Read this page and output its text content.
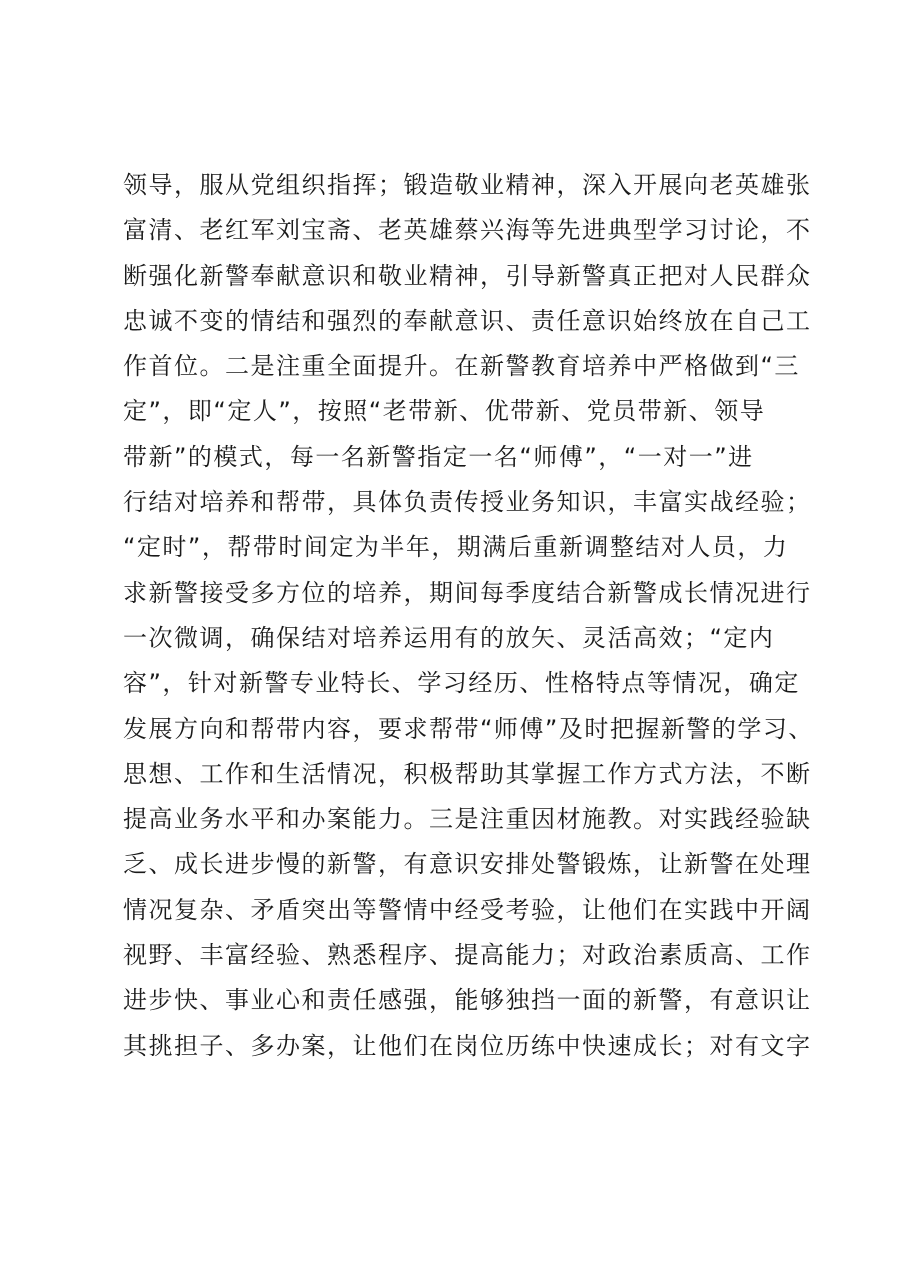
领导，服从党组织指挥；锻造敬业精神，深入开展向老英雄张
富清、老红军刘宝斋、老英雄蔡兴海等先进典型学习讨论，不
断强化新警奉献意识和敬业精神，引导新警真正把对人民群众
忠诚不变的情结和强烈的奉献意识、责任意识始终放在自己工
作首位。二是注重全面提升。在新警教育培养中严格做到“三
定”，即“定人”，按照“老带新、优带新、党员带新、领导
带新”的模式，每一名新警指定一名“师傅”，“一对一”进
行结对培养和帮带，具体负责传授业务知识，丰富实战经验；
“定时”，帮带时间定为半年，期满后重新调整结对人员，力
求新警接受多方位的培养，期间每季度结合新警成长情况进行
一次微调，确保结对培养运用有的放矢、灵活高效；“定内
容”，针对新警专业特长、学习经历、性格特点等情况，确定
发展方向和帮带内容，要求帮带“师傅”及时把握新警的学习、
思想、工作和生活情况，积极帮助其掌握工作方式方法，不断
提高业务水平和办案能力。三是注重因材施教。对实践经验缺
乏、成长进步慢的新警，有意识安排处警锻炼，让新警在处理
情况复杂、矛盾突出等警情中经受考验，让他们在实践中开阔
视野、丰富经验、熟悉程序、提高能力；对政治素质高、工作
进步快、事业心和责任感强，能够独挡一面的新警，有意识让
其挑担子、多办案，让他们在岗位历练中快速成长；对有文字
